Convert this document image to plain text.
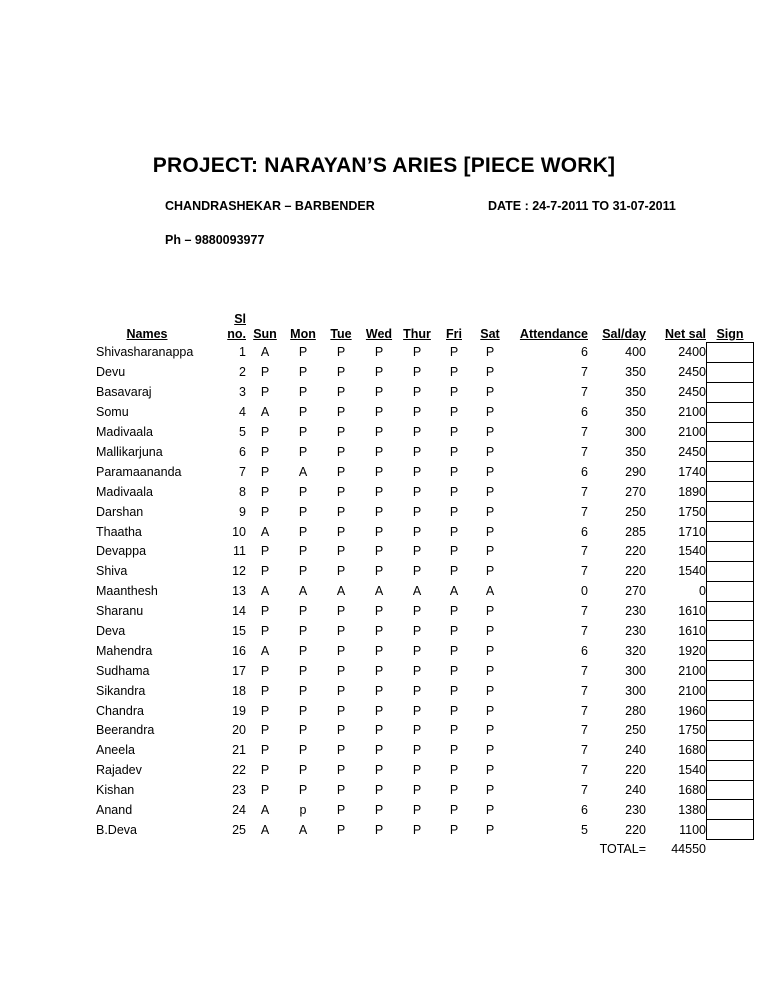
PROJECT: NARAYAN’S ARIES [PIECE WORK]
CHANDRASHEKAR – BARBENDER	DATE : 24-7-2011 TO 31-07-2011
Ph – 9880093977
Names	Sl
no.	Sun	Mon	Tue	Wed	Thur	Fri	Sat	Attendance	Sal/day	Net sal	Sign
Shivasharanappa	1	A	P	P	P	P	P	P	6	400	2400	
Devu	2	P	P	P	P	P	P	P	7	350	2450	
Basavaraj	3	P	P	P	P	P	P	P	7	350	2450	
Somu	4	A	P	P	P	P	P	P	6	350	2100	
Madivaala	5	P	P	P	P	P	P	P	7	300	2100	
Mallikarjuna	6	P	P	P	P	P	P	P	7	350	2450	
Paramaananda	7	P	A	P	P	P	P	P	6	290	1740	
Madivaala	8	P	P	P	P	P	P	P	7	270	1890	
Darshan	9	P	P	P	P	P	P	P	7	250	1750	
Thaatha	10	A	P	P	P	P	P	P	6	285	1710	
Devappa	11	P	P	P	P	P	P	P	7	220	1540	
Shiva	12	P	P	P	P	P	P	P	7	220	1540	
Maanthesh	13	A	A	A	A	A	A	A	0	270	0	
Sharanu	14	P	P	P	P	P	P	P	7	230	1610	
Deva	15	P	P	P	P	P	P	P	7	230	1610	
Mahendra	16	A	P	P	P	P	P	P	6	320	1920	
Sudhama	17	P	P	P	P	P	P	P	7	300	2100	
Sikandra	18	P	P	P	P	P	P	P	7	300	2100	
Chandra	19	P	P	P	P	P	P	P	7	280	1960	
Beerandra	20	P	P	P	P	P	P	P	7	250	1750	
Aneela	21	P	P	P	P	P	P	P	7	240	1680	
Rajadev	22	P	P	P	P	P	P	P	7	220	1540	
Kishan	23	P	P	P	P	P	P	P	7	240	1680	
Anand	24	A	p	P	P	P	P	P	6	230	1380	
B.Deva	25	A	A	P	P	P	P	P	5	220	1100	
										TOTAL=	44550	
